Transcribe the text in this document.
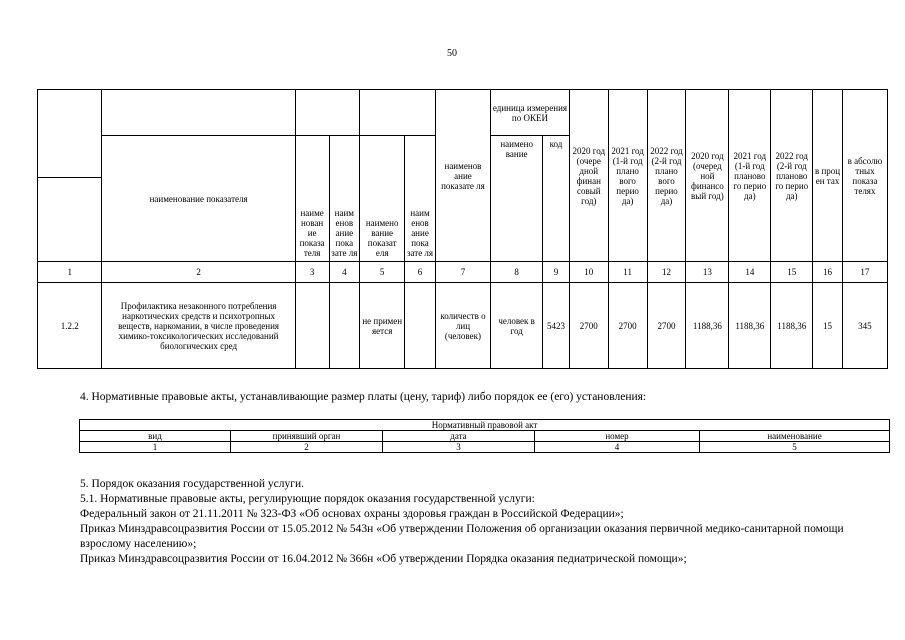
50
						наименов ание показате ля	единица измерения по ОКЕИ		2020 год (очере дной финан совый год)	2021 год (1-й год плано вого перио да)	2022 год (2-й год плано вого перио да)	2020 год (очеред ной финансо вый год)	2021 год (1-й год планово го перио да)	2022 год (2-й год планово го перио да)	в проц ен тах	в абсолю тных показа телях
	наименование показателя	наиме нован ие показа теля	наим енов ание пока зате ля	наимено вание показат еля	наим енов ание пока зате ля		наимено вание	код								

1	2	3	4	5	6	7	8	9	10	11	12	13	14	15	16	17
1.2.2	Профилактика незаконного потребления наркотических средств и психотропных веществ, наркомании, в числе проведения химико-токсикологических исследований биологических сред			не примен яется		количеств о лиц (человек)	человек в год	5423	2700	2700	2700	1188,36	1188,36	1188,36	15	345
4. Нормативные правовые акты, устанавливающие размер платы (цену, тариф) либо порядок ее (его) установления:
Нормативный правовой акт				
вид	принявший орган	дата	номер	наименование
1	2	3	4	5

5. Порядок оказания государственной услуги.

5.1. Нормативные правовые акты, регулирующие порядок оказания государственной услуги:

Федеральный закон от 21.11.2011 № 323-ФЗ «Об основах охраны здоровья граждан в Российской Федерации»;

Приказ Минздравсоцразвития России от 15.05.2012 № 543н «Об утверждении Положения об организации оказания первичной медико-санитарной помощи взрослому населению»;

Приказ Минздравсоцразвития России от 16.04.2012 № 366н «Об утверждении Порядка оказания педиатрической помощи»;
